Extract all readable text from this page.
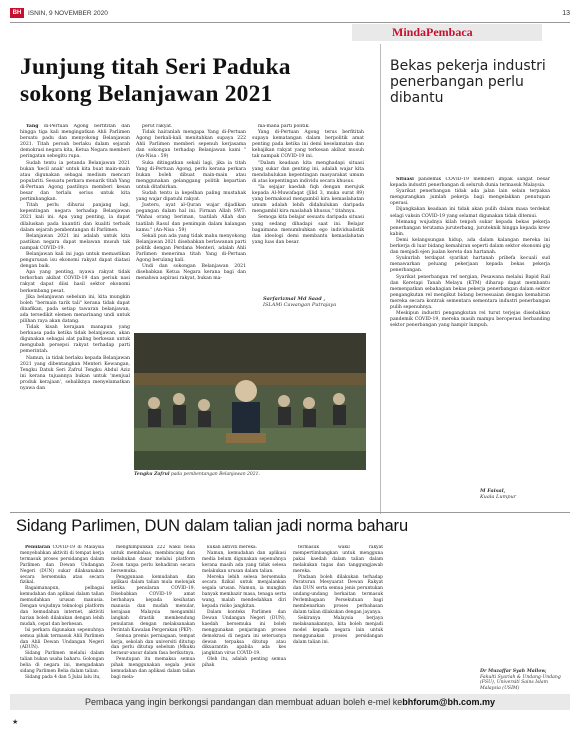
BH	ISNIN, 9 NOVEMBER 2020	13
MindaPembaca
Junjung titah Seri Paduka sokong Belanjawan 2021

Yang di-Pertuan Agong berfititah dan hingga tiga kali mengingatkan Ahli Parlimen bersatu padu dan menyokong Belanjawan 2021. Titah peroah berlaku dalam sejarah demokrasi negara kita, Ketua Negara memberi peringatan sebegitu rupa.

Sudah tentu ia petanda Belanjawan 2021 bukan 'kecil anak' untuk kita buat main-main atau digunakan sebagai medium mencari populariti. Sesuatu perkara menarik titah Yang di-Pertuan Agong pastilnya memberi kesan besar dan terlalu serius untuk kita pertimbangkan.

Titah perlu dihurai panjang lagi, kepentingan negara terhadap Belanjawan 2021 kali ini. Apa yang penting, ia dapat dilaluskan pada kuantiti dan kualiti terbaik dalam sejarah pembentangan di Parlimen.

Belanjawan 2021 ini adalah untuk kita pastikan negara dapat melawan musuh tak nampak COVID-19.

Belanjawan kali ini juga untuk memastikan pengurusan isu ekonomi rakyat dapat diatasi dengan baik.

Apa yang penting, nyawa rakyat tidak terkorban akibat COVID-19 dan periuk nasi rakyat dapat diisi hasil sektor ekonomi berkembang pesat.

Jika belanjawan sebelum ini, kita mungkin boleh "bermain tarik tali" kerana tidak dapat dinafikan, pada setiap tawaran belanjawan, ada tersedikit elemen menarinang undi untuk pilihan raya akan datang.

Tidak kisah kerajaan manapun yang berkuasa pada ketika tidak belanjawan, akan digunakan sebagai alat paling berkesan untuk mengubah persepsi rakyat terhadap parti pemerintah.

Namun, ia tidak berlaku kepada Belanjawan 2021 yang dibentangkan Menteri Kewangan, Tengku Datuk Seri Zafrul Tengku Abdul Aziz ini kerana tujuannya bukan untuk 'menjual produk kerajaan', sebaliknya menyelamatkan nyawa dan

perut rakyat.

Tidak hairanlah mengapa Yang di-Pertuan Agong berkali-kali menitahkan supaya 222 Ahli Parlimen memberi sepenuh kerjasama dan sokongan terhadap Belanjawan kami " (An-Nisa : 59)

Suka ditingatkan sekali lagi, jika ia titah Yang di-Pertuan Agong, perlu kerana perkara bukan boleh dibuat main-main atau menggunakan gelanggang politik kepartian untuk ditafsirkan.

Sudah tentu ia kepelhan paling mustahak yang wajar dipatuhi rakyat.

Justeru, ayat al-Quran wajar dijadikan pegangan dalam hal ini. Firman Allah SWT: "Wahai orang beriman, taatilah Allah dan taatilah Rasul dan pemimpin dalam kalangan kamu." (An-Nisa : 59)

Sekali pun ada yang tidak mahu menyokong Belanjawan 2021 disebabkan berlawanan parti politik dengan Perdana Menteri, adalah Ahli Parlimen menerima titah Yang di-Pertuan Agong berulang kali.

Undi dan sokongan Belanjawan 2021 disebabkan Ketua Negara kerana bagi dan menahwa aspirasi rakyat, bukan ma-

ma-mana parti politik.

Yang di-Pertuan Agong terus berfititah supaya kematangan dalam berpolitik amat penting pada ketika ini demi keselamatan dan kebajikan rakyat yang terkesan akibat musuh tak nampak COVID-19 ini.

"Dalam keadaan kita menghadapi situasi yang sukar dan genting ini, adalah wajar kita mendahulukan kepentingan masyarakat umum di atas kepentingan individu secara khusus.

"Ia sejajar kaedah fiqh dengan merujuk kepada Al-Muwafaqat (Jilid 3, muka surat 89) yang bermaksud mengambil kira kemaslahatan umum adalah lebih didahulukan daripada mengambil kira maslahah khusus," titahnya.

Semoga kita belajar sesuatu daripada situasi yang sedang dihadapi saat ini. Belajar bagaimana menumbuhkan ego individualistik dan ideologi demi membantu kemaslahatan yang luas dan besar.

Sarfarizmal Md Saad ,
ISLAMi Cawangan Putrajaya
Tengku Zafrul pada pembentangan Belanjawan 2021.
Bekas pekerja industri penerbangan perlu dibantu

Situasi pandemik COVID-19 memberi impak sangat besar kepada industri penerbangan di seluruh dunia termasuk Malaysia.

Syarikat penerbangan tidak ada jalan lain selain terpaksa mengurangkan jumlah pekerja bagi mengelakkan penutupan operasi.

Dijangkakan keadaan ini tidak akan pulih dalam masa terdekat selagi vaksin COVID-19 yang selamat digunakan tidak ditemui.

Memang wujudnya kilah tenpoh sukar kepada bekas pekerja penerbangan terutama juruterbang, juruteknik hingga kepada krew kabin.

Demi kelangsungan hidup, ada dalam kalangan mereka ini berkerja di luar bidang kemahiran seperti dalam sektor ekonomi gig dan menjadi ejen jualan kereta dan hartanah.

Syukurlah terdapat syarikat hartanah pribefa kecuali sud menawarkan peluang pekerjaan kepada bekas pekerja penerbangan.

Syarikat penerbangan ref nergian, Pesawana melalui Bapid Rail dan Keretapi Tanah Melayu (KTM) diharap dapat membantu memenpatkan sebahagian bekas pekerja penerbangan dalam sektor pengangkutan rel mengikut bidang bersesuaian dengan kemahiran mereka secara kontrak sementara sementara industri penerbangan pulih sepenuhnya.

Meskipun industri pengangkutan rel turut terjejas disebabkan pandemik COVID-19, mereka masih mampu beroperasi berbanding sektor penerbangan yang hampir lumpuh.

M Faisal,
Kuala Lumpur
Sidang Parlimen, DUN dalam talian jadi norma baharu

Penularan COVID-19 di Malaysia menyebabkan aktiviti di tempat kerja termasuk proses persidangan dalam Parlimen dan Dewan Undangan Negeri (DUN) sukar dilaksanakan secara bersemuka atau secara fizikal.

Bagaimanapun, pelbagai kemudahan dan aplikasi dalam talian memudahkan urusan manusia. Dengan wujudnya teknologi platform dan kemudahan internet, aktiviti harian boleh dilakukan dengan lebih mudah, cepat dan berkesan.

Isi perkara digunakan sepenuhnya semua pihak termasuk Ahli Parlimen dan Ahli Dewan Undangan Negeri (ADUN).

Sidang Parlimen melalui dalam talian bukan usaha baharu. Golongan belia di negara ini, mengadakan sidang Parlimen Belia dalam talian.

Sidang pada 4 dan 5 Julai lalu itu,

menghimpunkan 222 wakil belia untuk membahas, membincang dan melahukan dasar melalui platform Zoom tanpa perlu kehadiran secara bersemuka.

Penggunaan kemudahan dan aplikasi dalam talian mula melonjak ketika penularan COVID-19. Disebabkan COVID-19 amat berbahaya kepada kesihatan manusia dan mudah menular, kerajaan Malaysia mengambil langkah drastik membendung penularan dengan melaksanakan Perintah Kawalan Pergerakan (PKP).

Semua premis perniagaan, tempat kerja, sekolah dan universiti ditutup dan perlu ditutup sebelum (Mkuku berasur-ansur dalam fasa berikutnya.

Penutupan itu memaksa semua pihak menggunakan segala jenis kemudahan dan aplikasi dalam talian bagi mela-

kukan aktiviti mereka.

Namun, kemudahan dan aplikasi media belum digunakan sepenuhnya kerana masih ada yang tidak selesa melakukan urusan dalam talian.

Mereka lebih selesa bersemuka secara fizikal untuk menjalankan segala urusan. Namun, ia mungkin banyak membazir masa, tenaga serta wang, malah mendedahkan diri kepada risiko jangkitan.

Dalam konteks Parlimen dan Dewan Undangan Negeri (DUN), kaedah bersemuka ini boleh menggunakan penjaringan proses demokrasi di negara ini seterusnya dewan terpaksa ditutup atau dikuarantin apabila ada kes jangkitan virus COVID-19.

Oleh itu, adalah penting semua pihak

termasuk wakil rakyat mempertimbangkan untuk mengguna pakai kaedah dalam talian dalam melakukan tugas dan tanggungjawab mereka.

Pindaan boleh dilakukan terhadap Peraturan Mesyuarat Dewan Rakyat dan DUN serta semua jenis peruntukan undang-undang berkaitan termasuk Perlembagaan Persekutuan bagi membenarkan proses perbahasan dalam talian dilakukan dengan jayanya.

Sekiranya Malaysia berjaya melaksanakannya, kita boleh menjadi model kepada negara lain untuk menggunakan proses persidangan dalam talian ini.

Dr Muzaffar Syah Mallow,
Fakulti Syariah & Undang-Undang (FSU), Universiti Sains Islam Malaysia (USIM)
Pembaca yang ingin berkongsi pandangan dan membuat aduan boleh e-mel ke bhforum@bh.com.my
★
